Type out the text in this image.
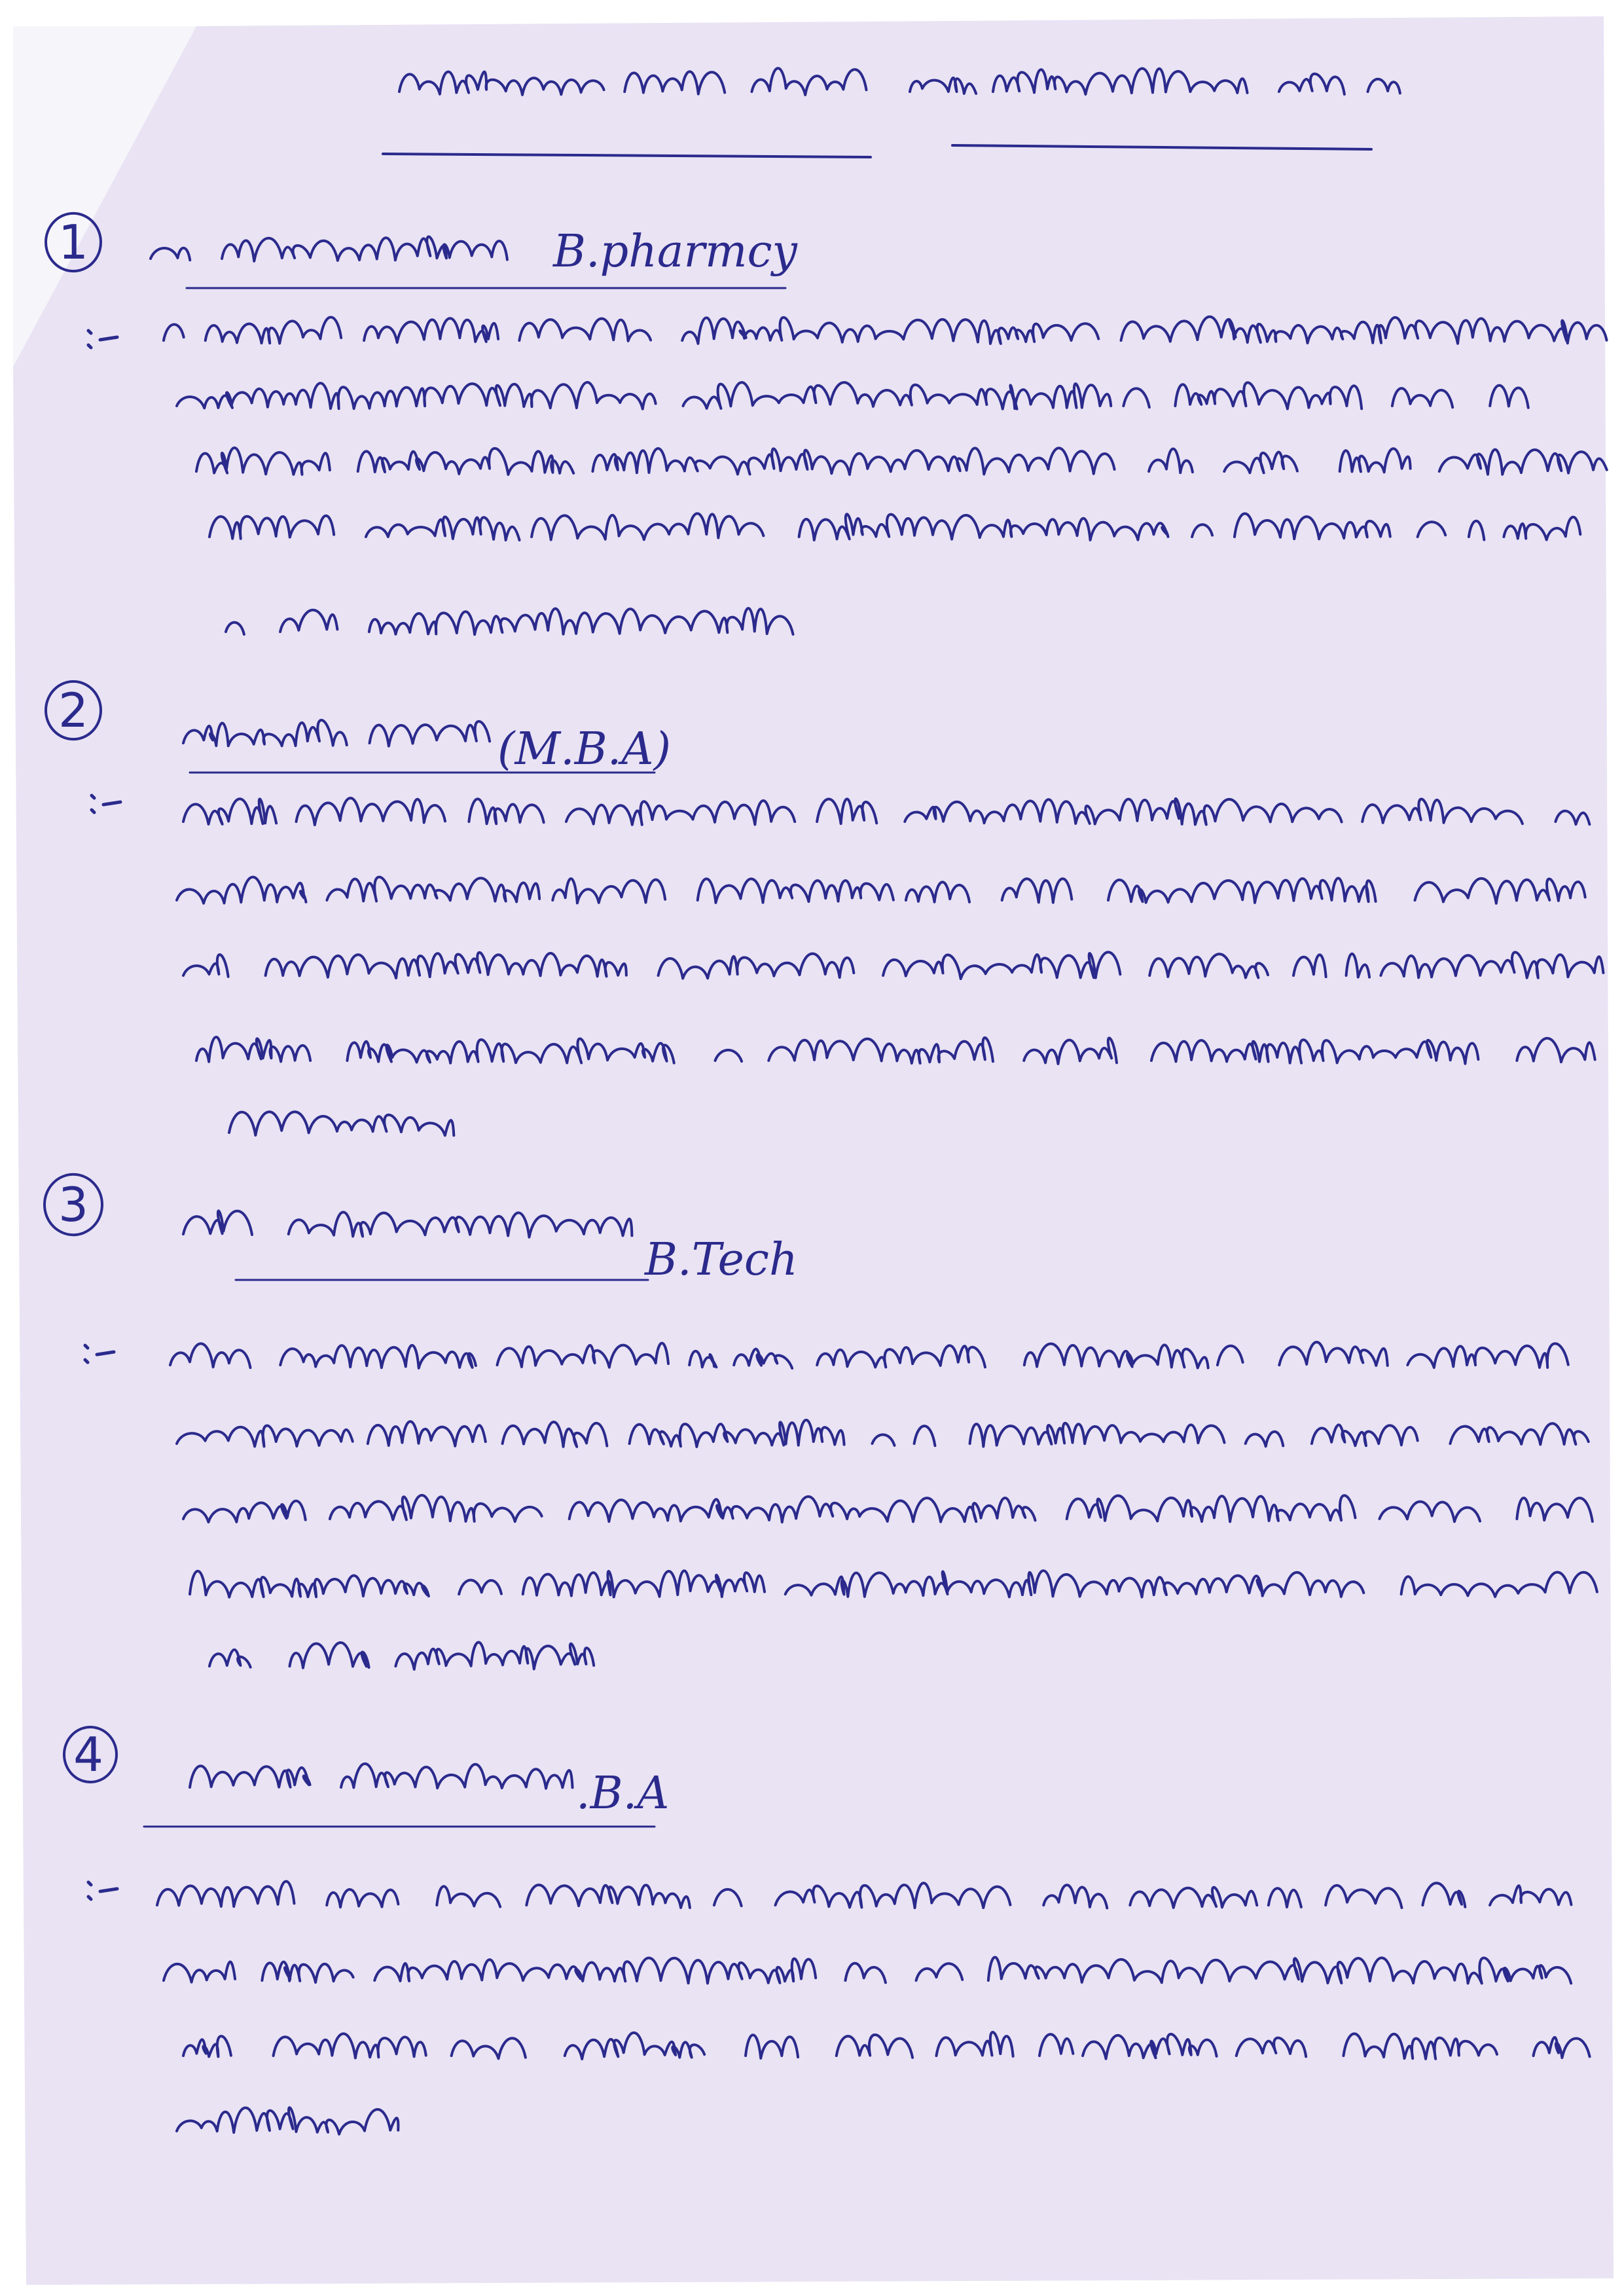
1
2
3
4
B.pharmcy
(M.B.A)
B.Tech
.B.A
